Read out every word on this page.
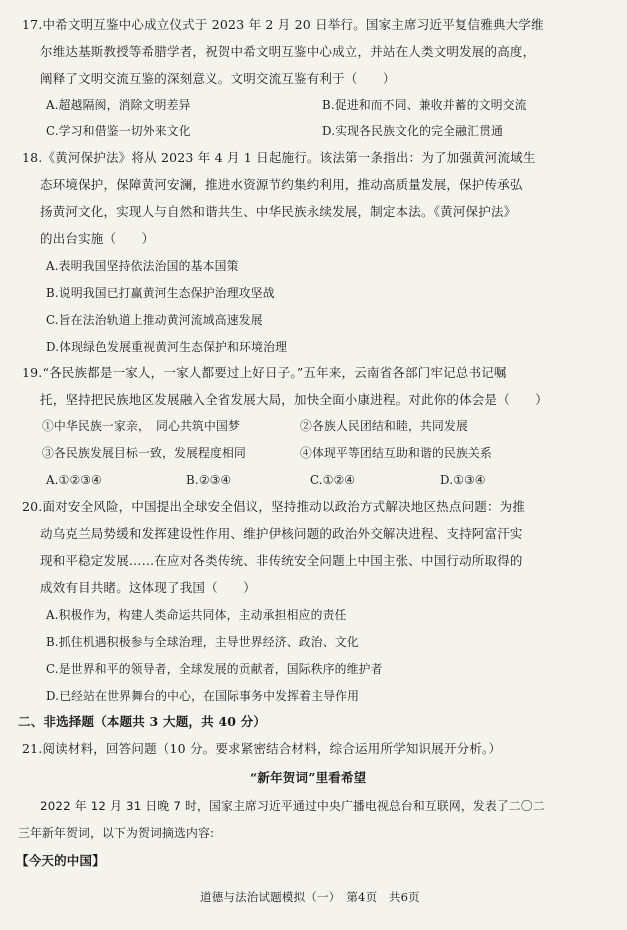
17.中希文明互鉴中心成立仪式于 2023 年 2 月 20 日举行。国家主席习近平复信雅典大学维
尔维达基斯教授等希腊学者，祝贺中希文明互鉴中心成立，并站在人类文明发展的高度，
阐释了文明交流互鉴的深刻意义。文明交流互鉴有利于（　　）
A.超越隔阂，消除文明差异	B.促进和而不同、兼收并蓄的文明交流
C.学习和借鉴一切外来文化	D.实现各民族文化的完全融汇贯通
18.《黄河保护法》将从 2023 年 4 月 1 日起施行。该法第一条指出：为了加强黄河流域生
态环境保护，保障黄河安澜，推进水资源节约集约利用，推动高质量发展，保护传承弘
扬黄河文化，实现人与自然和谐共生、中华民族永续发展，制定本法。《黄河保护法》
的出台实施（　　）
A.表明我国坚持依法治国的基本国策
B.说明我国已打赢黄河生态保护治理攻坚战
C.旨在法治轨道上推动黄河流域高速发展
D.体现绿色发展重视黄河生态保护和环境治理
19.“各民族都是一家人，一家人都要过上好日子。”五年来，云南省各部门牢记总书记嘱
托，坚持把民族地区发展融入全省发展大局，加快全面小康进程。对此你的体会是（　　）
①中华民族一家亲，　同心共筑中国梦	②各族人民团结和睦，共同发展
③各民族发展目标一致，发展程度相同	④体现平等团结互助和谐的民族关系
A.①②③④	B.②③④	C.①②④	D.①③④
20.面对安全风险，中国提出全球安全倡议，坚持推动以政治方式解决地区热点问题：为推
动乌克兰局势缓和发挥建设性作用、维护伊核问题的政治外交解决进程、支持阿富汗实
现和平稳定发展……在应对各类传统、非传统安全问题上中国主张、中国行动所取得的
成效有目共睹。这体现了我国（　　）
A.积极作为，构建人类命运共同体，主动承担相应的责任
B.抓住机遇积极参与全球治理，主导世界经济、政治、文化
C.是世界和平的领导者，全球发展的贡献者，国际秩序的维护者
D.已经站在世界舞台的中心，在国际事务中发挥着主导作用
二、非选择题（本题共 3 大题，共 40 分）
21.阅读材料，回答问题（10 分。要求紧密结合材料，综合运用所学知识展开分析。）
“新年贺词”里看希望
2022 年 12 月 31 日晚 7 时，国家主席习近平通过中央广播电视总台和互联网，发表了二〇二
三年新年贺词，以下为贺词摘选内容:
【今天的中国】
道德与法治试题模拟（一）　第4页　共6页
